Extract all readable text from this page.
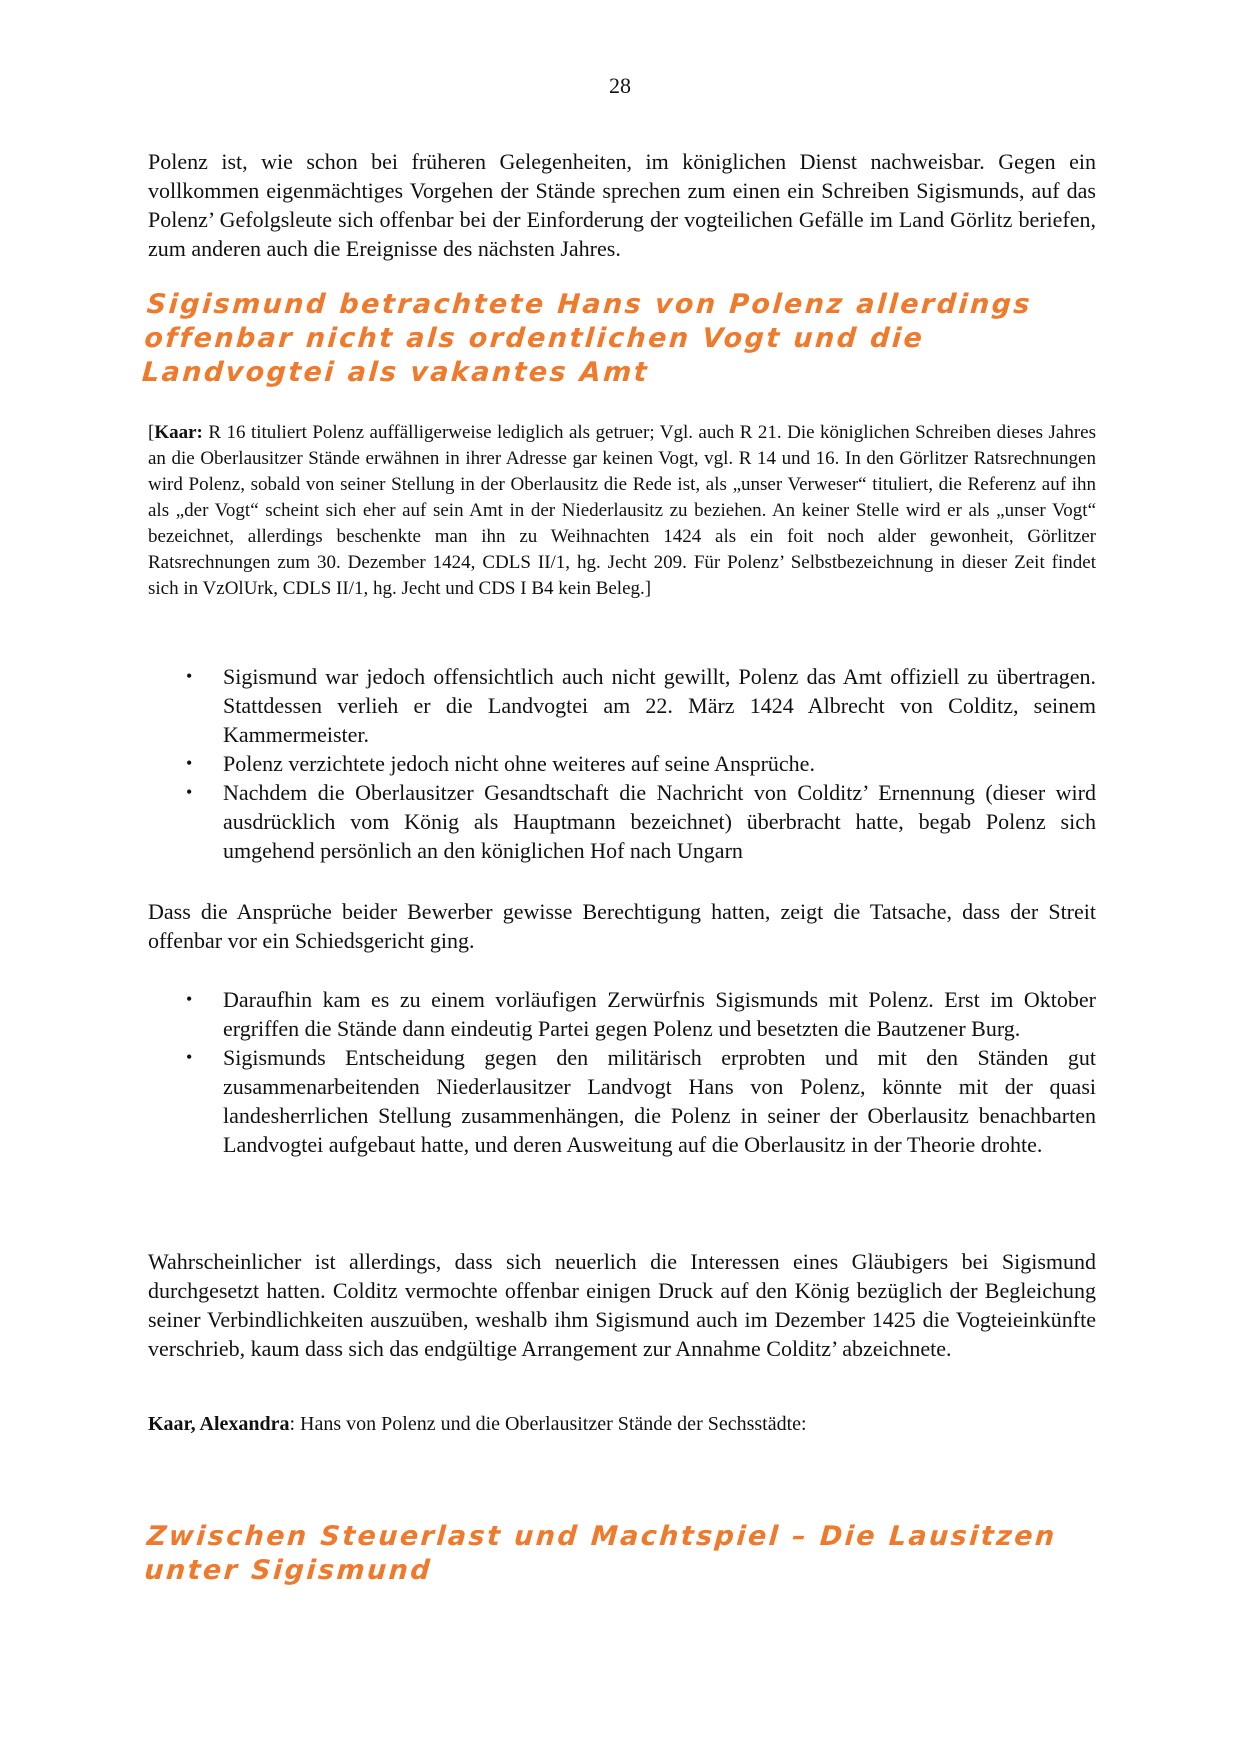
28

Polenz ist, wie schon bei früheren Gelegenheiten, im königlichen Dienst nachweisbar. Gegen ein vollkommen eigenmächtiges Vorgehen der Stände sprechen zum einen ein Schreiben Sigismunds, auf das Polenz’ Gefolgsleute sich offenbar bei der Einforderung der vogteilichen Gefälle im Land Görlitz beriefen, zum anderen auch die Ereignisse des nächsten Jahres.

Sigismund betrachtete Hans von Polenz allerdings offenbar nicht als ordentlichen Vogt und die Landvogtei als vakantes Amt

[Kaar: R 16 tituliert Polenz auffälligerweise lediglich als getruer; Vgl. auch R 21. Die königlichen Schreiben dieses Jahres an die Oberlausitzer Stände erwähnen in ihrer Adresse gar keinen Vogt, vgl. R 14 und 16. In den Görlitzer Ratsrechnungen wird Polenz, sobald von seiner Stellung in der Oberlausitz die Rede ist, als „unser Verweser“ tituliert, die Referenz auf ihn als „der Vogt“ scheint sich eher auf sein Amt in der Niederlausitz zu beziehen. An keiner Stelle wird er als „unser Vogt“ bezeichnet, allerdings beschenkte man ihn zu Weihnachten 1424 als ein foit noch alder gewonheit, Görlitzer Ratsrechnungen zum 30. Dezember 1424, CDLS II/1, hg. Jecht 209. Für Polenz’ Selbstbezeichnung in dieser Zeit findet sich in VzOlUrk, CDLS II/1, hg. Jecht und CDS I B4 kein Beleg.]

• Sigismund war jedoch offensichtlich auch nicht gewillt, Polenz das Amt offiziell zu übertragen. Stattdessen verlieh er die Landvogtei am 22. März 1424 Albrecht von Colditz, seinem Kammermeister.
• Polenz verzichtete jedoch nicht ohne weiteres auf seine Ansprüche.
• Nachdem die Oberlausitzer Gesandtschaft die Nachricht von Colditz’ Ernennung (dieser wird ausdrücklich vom König als Hauptmann bezeichnet) überbracht hatte, begab Polenz sich umgehend persönlich an den königlichen Hof nach Ungarn

Dass die Ansprüche beider Bewerber gewisse Berechtigung hatten, zeigt die Tatsache, dass der Streit offenbar vor ein Schiedsgericht ging.

• Daraufhin kam es zu einem vorläufigen Zerwürfnis Sigismunds mit Polenz. Erst im Oktober ergriffen die Stände dann eindeutig Partei gegen Polenz und besetzten die Bautzener Burg.
• Sigismunds Entscheidung gegen den militärisch erprobten und mit den Ständen gut zusammenarbeitenden Niederlausitzer Landvogt Hans von Polenz, könnte mit der quasi landesherrlichen Stellung zusammenhängen, die Polenz in seiner der Oberlausitz benachbarten Landvogtei aufgebaut hatte, und deren Ausweitung auf die Oberlausitz in der Theorie drohte.

Wahrscheinlicher ist allerdings, dass sich neuerlich die Interessen eines Gläubigers bei Sigismund durchgesetzt hatten. Colditz vermochte offenbar einigen Druck auf den König bezüglich der Begleichung seiner Verbindlichkeiten auszuüben, weshalb ihm Sigismund auch im Dezember 1425 die Vogteieinkünfte verschrieb, kaum dass sich das endgültige Arrangement zur Annahme Colditz’ abzeichnete.

Kaar, Alexandra: Hans von Polenz und die Oberlausitzer Stände der Sechsstädte:

Zwischen Steuerlast und Machtspiel – Die Lausitzen unter Sigismund
